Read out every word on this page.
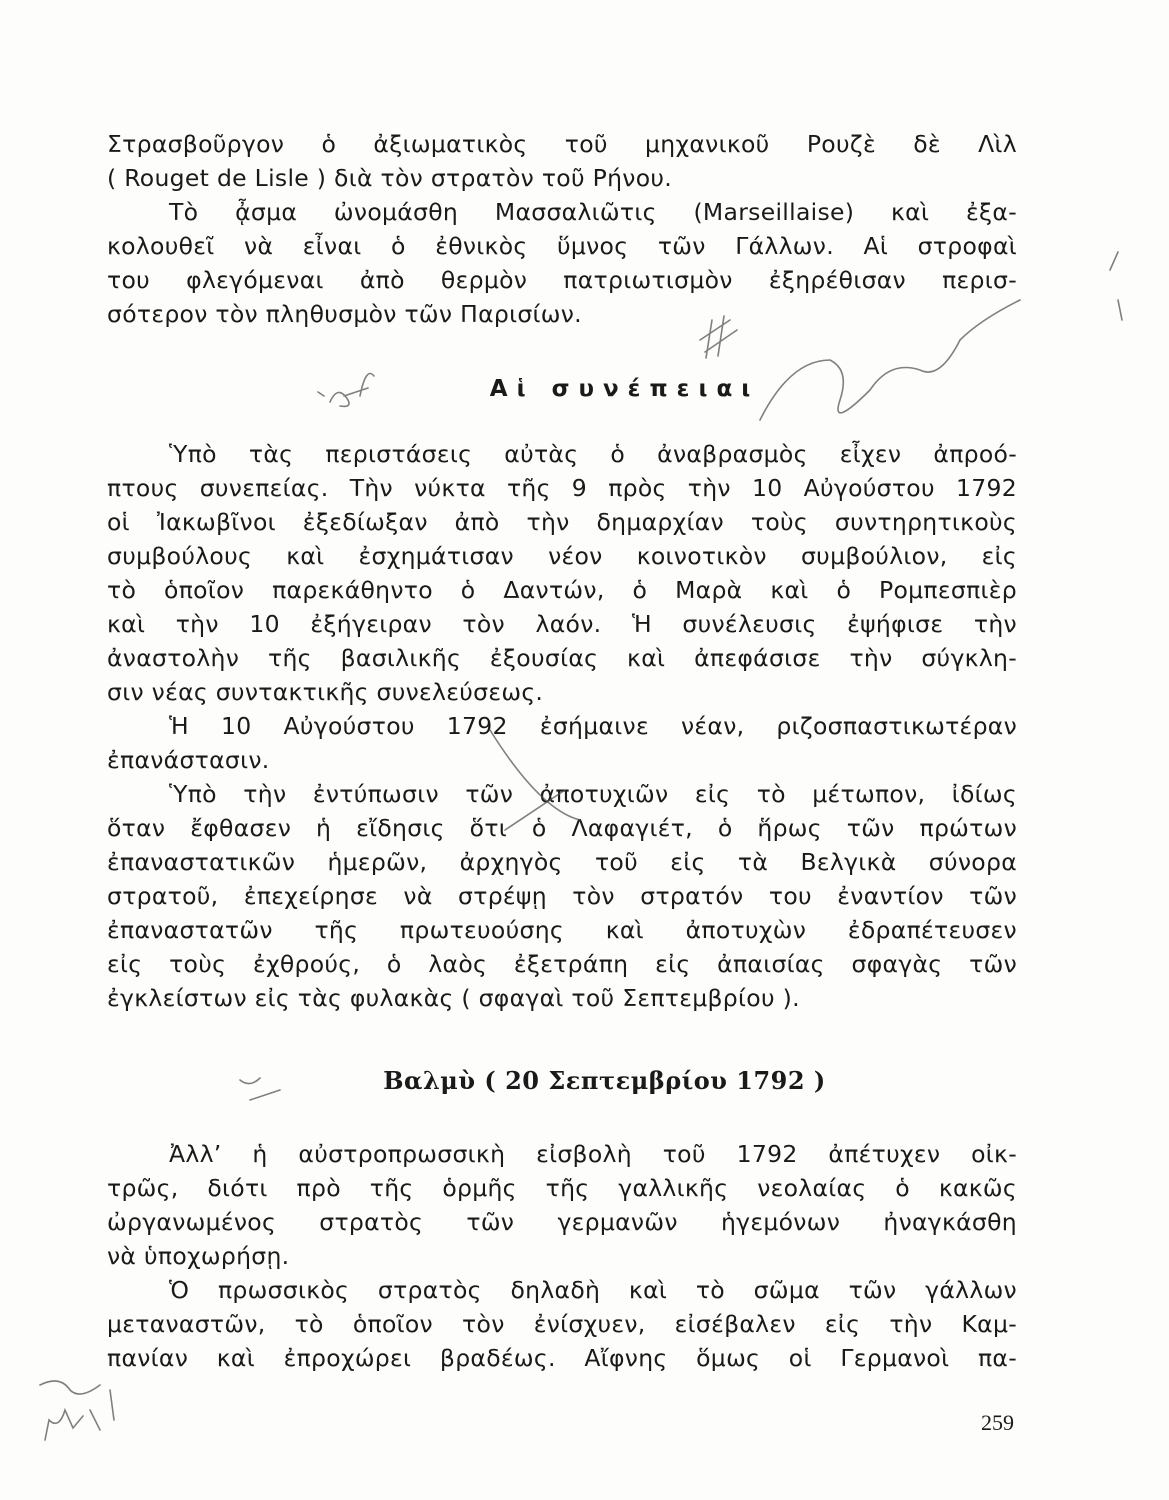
Στρασβοῦργον ὁ ἀξιωματικὸς τοῦ μηχανικοῦ Ρουζὲ δὲ Λὶλ

( Rouget de Lisle ) διὰ τὸν στρατὸν τοῦ Ρήνου.

Τὸ ᾆσμα ὠνομάσθη Μασσαλιῶτις (Marseillaise) καὶ ἐξα-

κολουθεῖ νὰ εἶναι ὁ ἐθνικὸς ὕμνος τῶν Γάλλων. Αἱ στροφαὶ

του φλεγόμεναι ἀπὸ θερμὸν πατριωτισμὸν ἐξηρέθισαν περισ-

σότερον τὸν πληθυσμὸν τῶν Παρισίων.

Αἱ συνέπειαι

Ὑπὸ τὰς περιστάσεις αὐτὰς ὁ ἀναβρασμὸς εἶχεν ἀπροό-

πτους συνεπείας. Τὴν νύκτα τῆς 9 πρὸς τὴν 10 Αὐγούστου 1792

οἱ Ἰακωβῖνοι ἐξεδίωξαν ἀπὸ τὴν δημαρχίαν τοὺς συντηρητικοὺς

συμβούλους καὶ ἐσχημάτισαν νέον κοινοτικὸν συμβούλιον, εἰς

τὸ ὁποῖον παρεκάθηντο ὁ Δαντών, ὁ Μαρὰ καὶ ὁ Ρομπεσπιὲρ

καὶ τὴν 10 ἐξήγειραν τὸν λαόν. Ἡ συνέλευσις ἐψήφισε τὴν

ἀναστολὴν τῆς βασιλικῆς ἐξουσίας καὶ ἀπεφάσισε τὴν σύγκλη-

σιν νέας συντακτικῆς συνελεύσεως.

Ἡ 10 Αὐγούστου 1792 ἐσήμαινε νέαν, ριζοσπαστικωτέραν

ἐπανάστασιν.

Ὑπὸ τὴν ἐντύπωσιν τῶν ἀποτυχιῶν εἰς τὸ μέτωπον, ἰδίως

ὅταν ἔφθασεν ἡ εἴδησις ὅτι ὁ Λαφαγιέτ, ὁ ἥρως τῶν πρώτων

ἐπαναστατικῶν ἡμερῶν, ἀρχηγὸς τοῦ εἰς τὰ Βελγικὰ σύνορα

στρατοῦ, ἐπεχείρησε νὰ στρέψῃ τὸν στρατόν του ἐναντίον τῶν

ἐπαναστατῶν τῆς πρωτευούσης καὶ ἀποτυχὼν ἐδραπέτευσεν

εἰς τοὺς ἐχθρούς, ὁ λαὸς ἐξετράπη εἰς ἀπαισίας σφαγὰς τῶν

ἐγκλείστων εἰς τὰς φυλακὰς ( σφαγαὶ τοῦ Σεπτεμβρίου ).

Βαλμὺ ( 20 Σεπτεμβρίου 1792 )

Ἀλλ’ ἡ αὐστροπρωσσικὴ εἰσβολὴ τοῦ 1792 ἀπέτυχεν οἰκ-

τρῶς, διότι πρὸ τῆς ὁρμῆς τῆς γαλλικῆς νεολαίας ὁ κακῶς

ὠργανωμένος στρατὸς τῶν γερμανῶν ἡγεμόνων ἠναγκάσθη

νὰ ὑποχωρήσῃ.

Ὁ πρωσσικὸς στρατὸς δηλαδὴ καὶ τὸ σῶμα τῶν γάλλων

μεταναστῶν, τὸ ὁποῖον τὸν ἐνίσχυεν, εἰσέβαλεν εἰς τὴν Καμ-

πανίαν καὶ ἐπροχώρει βραδέως. Αἴφνης ὅμως οἱ Γερμανοὶ πα-

259
